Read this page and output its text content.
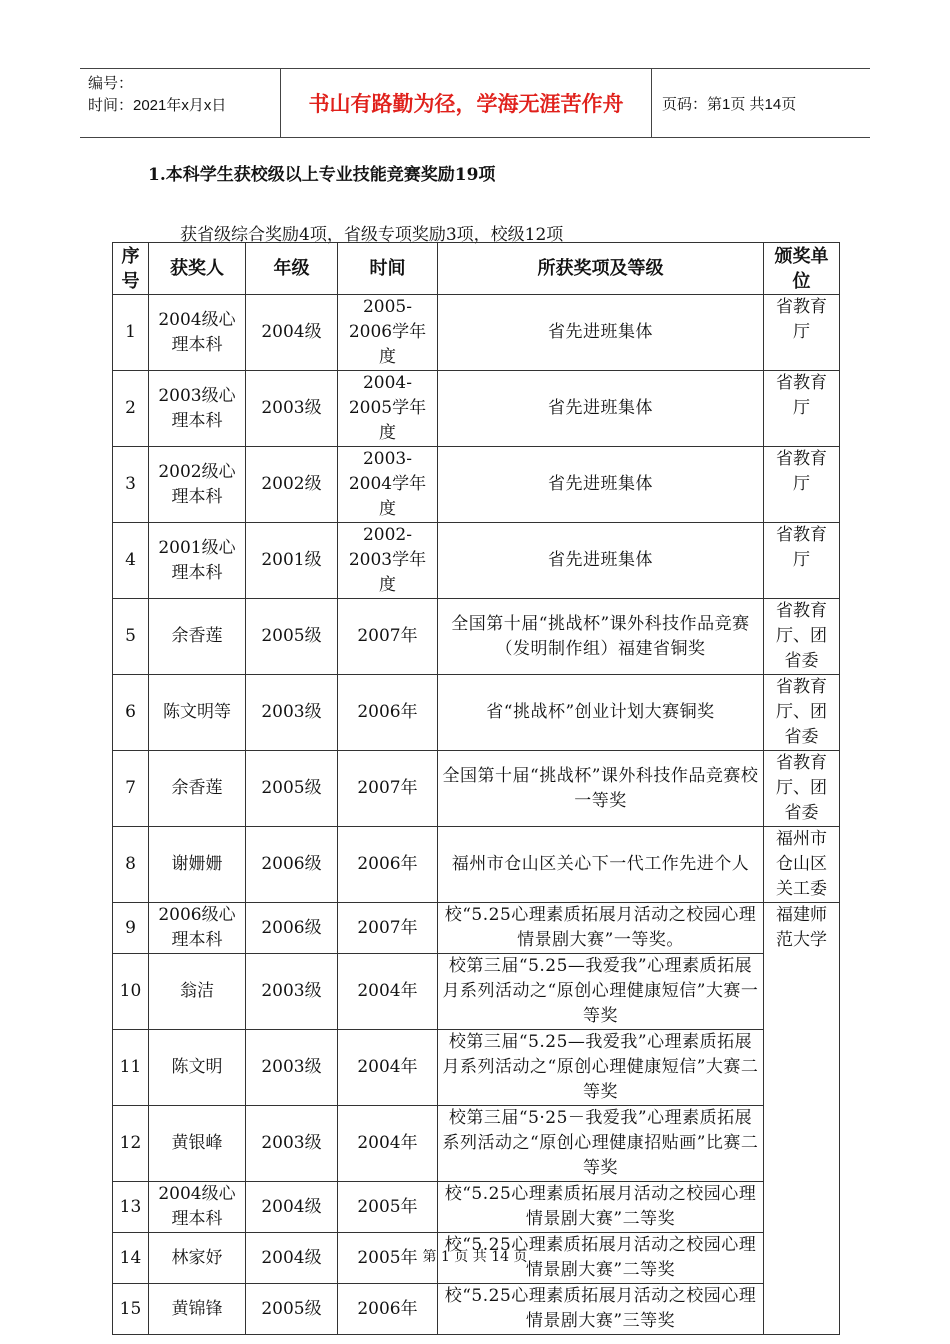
编号：
时间：2021年x月x日	书山有路勤为径，学海无涯苦作舟	页码：第1页 共14页
1.本科学生获校级以上专业技能竞赛奖励19项
获省级综合奖励4项，省级专项奖励3项，校级12项
序号	获奖人	年级	时间	所获奖项及等级	颁奖单位
1	2004级心理本科	2004级	2005-2006学年度	省先进班集体	省教育厅
2	2003级心理本科	2003级	2004-2005学年度	省先进班集体	省教育厅
3	2002级心理本科	2002级	2003-2004学年度	省先进班集体	省教育厅
4	2001级心理本科	2001级	2002-2003学年度	省先进班集体	省教育厅
5	余香莲	2005级	2007年	全国第十届“挑战杯”课外科技作品竞赛（发明制作组）福建省铜奖	省教育厅、团省委
6	陈文明等	2003级	2006年	省“挑战杯”创业计划大赛铜奖	省教育厅、团省委
7	余香莲	2005级	2007年	全国第十届“挑战杯”课外科技作品竞赛校一等奖	省教育厅、团省委
8	谢姗姗	2006级	2006年	福州市仓山区关心下一代工作先进个人	福州市仓山区关工委
9	2006级心理本科	2006级	2007年	校“5.25心理素质拓展月活动之校园心理情景剧大赛”一等奖。	福建师范大学
10	翁洁	2003级	2004年	校第三届“5.25—我爱我”心理素质拓展月系列活动之“原创心理健康短信”大赛一等奖	
11	陈文明	2003级	2004年	校第三届“5.25—我爱我”心理素质拓展月系列活动之“原创心理健康短信”大赛二等奖	
12	黄银峰	2003级	2004年	校第三届“5·25－我爱我”心理素质拓展系列活动之“原创心理健康招贴画”比赛二等奖	
13	2004级心理本科	2004级	2005年	校“5.25心理素质拓展月活动之校园心理情景剧大赛”二等奖	
14	林家妤	2004级	2005年	校“5.25心理素质拓展月活动之校园心理情景剧大赛”二等奖	
15	黄锦锋	2005级	2006年	校“5.25心理素质拓展月活动之校园心理情景剧大赛”三等奖	
第 1 页 共 14 页
